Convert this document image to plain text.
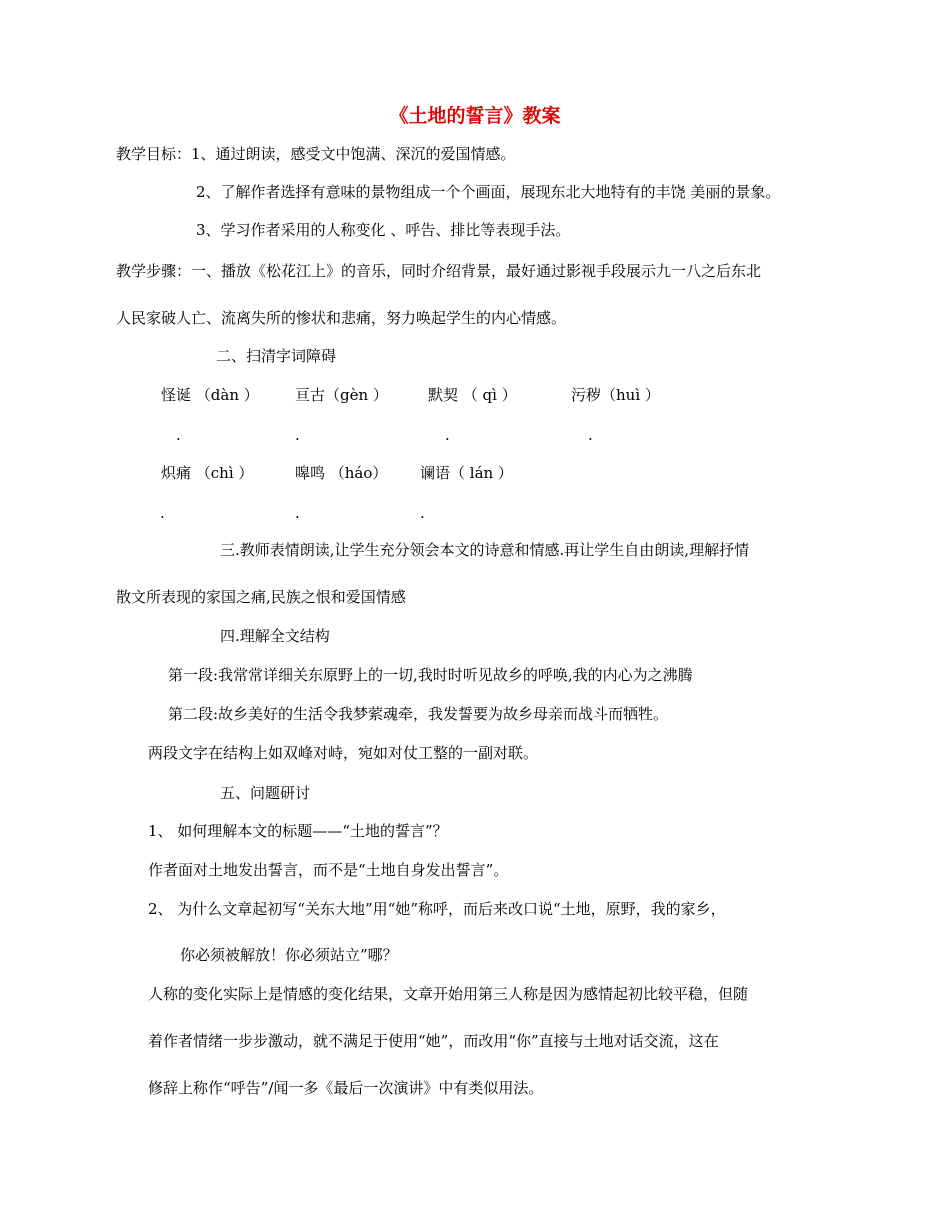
《土地的誓言》教案
教学目标：1、通过朗读，感受文中饱满、深沉的爱国情感。
2、了解作者选择有意味的景物组成一个个画面，展现东北大地特有的丰饶 美丽的景象。
3、学习作者采用的人称变化 、呼告、排比等表现手法。
教学步骤：一、播放《松花江上》的音乐，同时介绍背景，最好通过影视手段展示九一八之后东北
人民家破人亡、流离失所的惨状和悲痛，努力唤起学生的内心情感。
二、扫清字词障碍
怪诞 （dàn ） 亘古（gèn ）	默契 （ qì ）	污秽（huì ）
.	.	.	.
炽痛 （chì ）	嗥鸣 （háo） 谰语（ lán ）
.	.	.
三.教师表情朗读,让学生充分领会本文的诗意和情感.再让学生自由朗读,理解抒情
散文所表现的家国之痛,民族之恨和爱国情感
四.理解全文结构
第一段:我常常详细关东原野上的一切,我时时听见故乡的呼唤,我的内心为之沸腾
第二段:故乡美好的生活令我梦萦魂牵，我发誓要为故乡母亲而战斗而牺牲。
两段文字在结构上如双峰对峙，宛如对仗工整的一副对联。
五、问题研讨
1、 如何理解本文的标题——“土地的誓言”？
作者面对土地发出誓言，而不是“土地自身发出誓言”。
2、 为什么文章起初写“关东大地”用“她”称呼，而后来改口说“土地，原野，我的家乡，
你必须被解放！你必须站立”哪？
人称的变化实际上是情感的变化结果，文章开始用第三人称是因为感情起初比较平稳，但随
着作者情绪一步步激动，就不满足于使用“她”，而改用“你”直接与土地对话交流，这在
修辞上称作“呼告”/闻一多《最后一次演讲》中有类似用法。
